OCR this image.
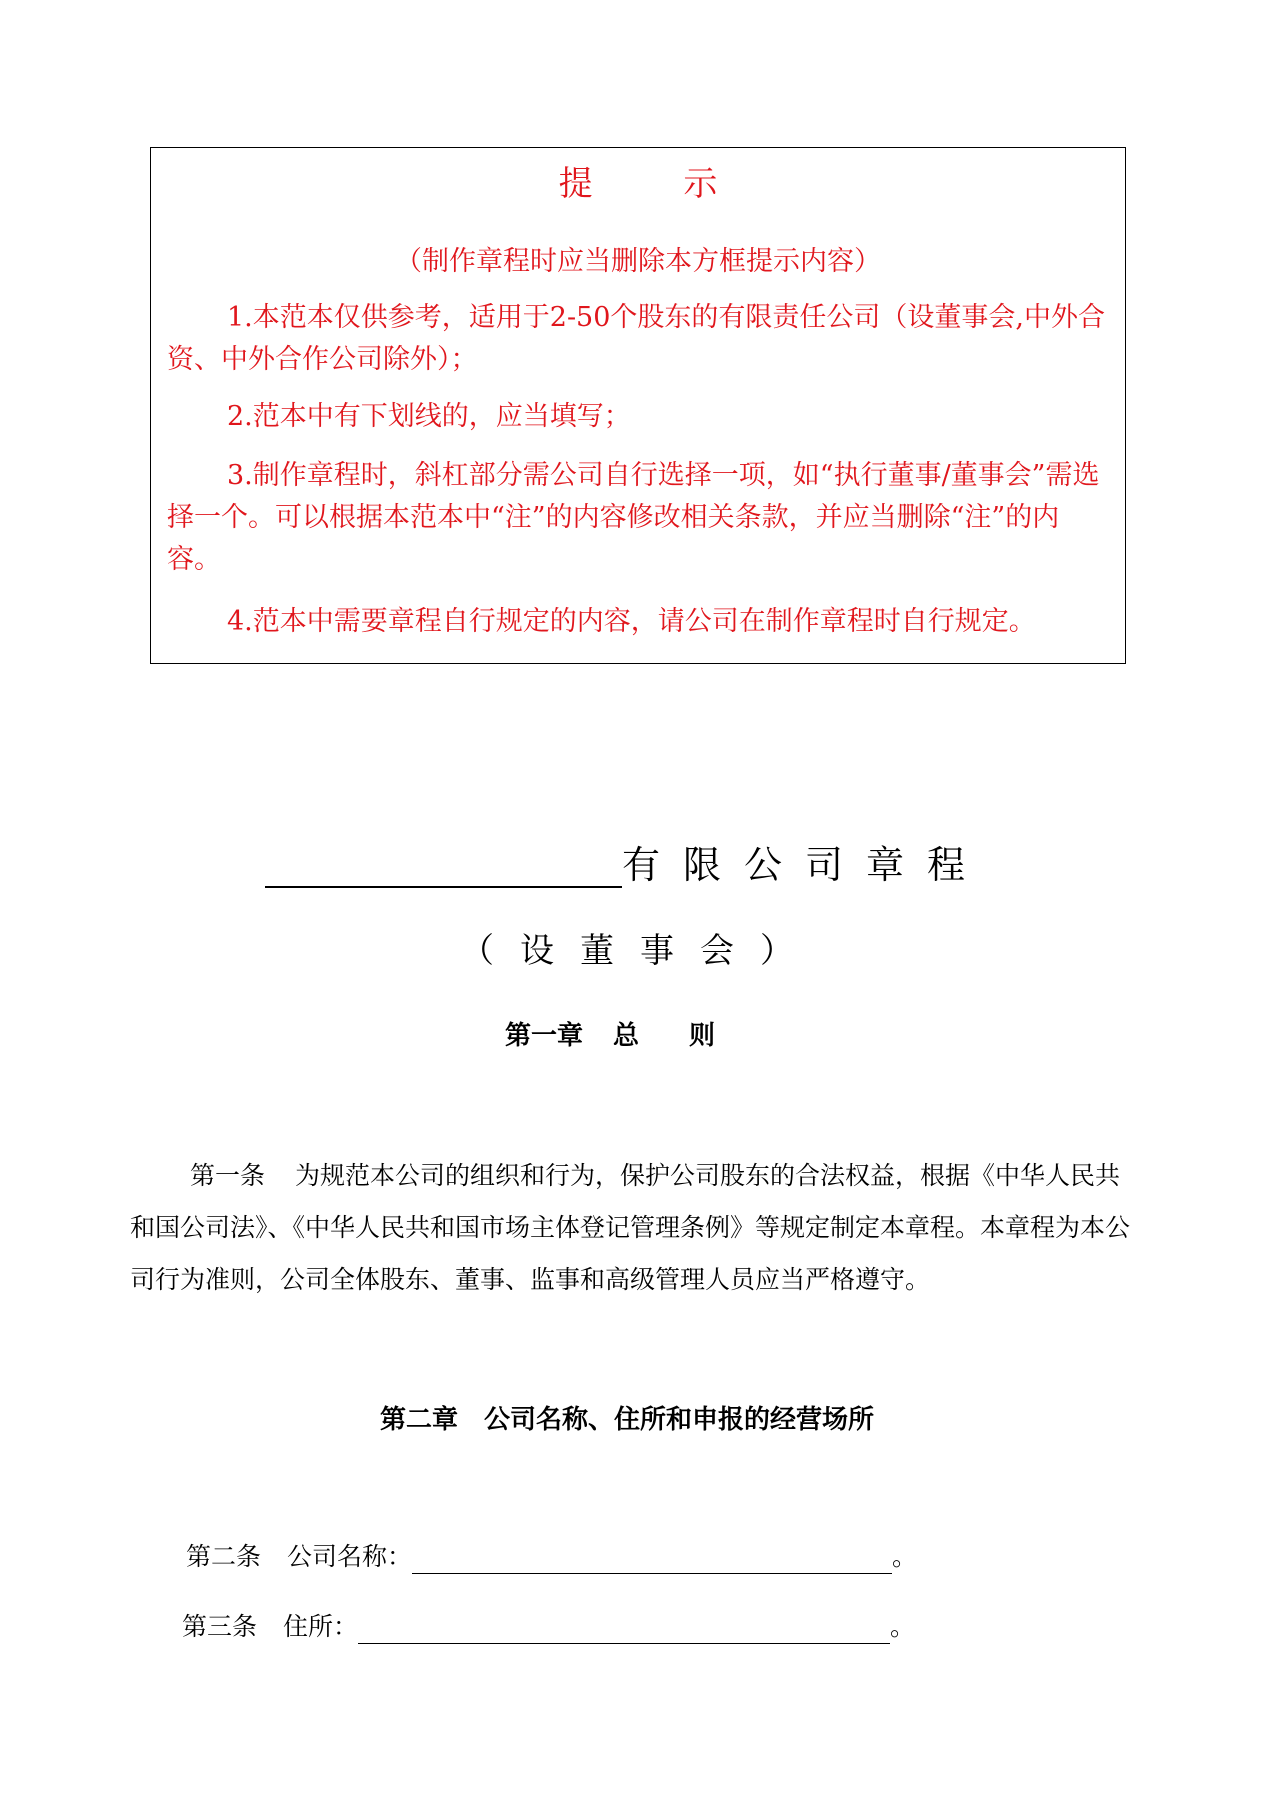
提 示
（制作章程时应当删除本方框提示内容）

1.本范本仅供参考，适用于2-50个股东的有限责任公司（设董事会,中外合资、中外合作公司除外）；

2.范本中有下划线的，应当填写；

3.制作章程时，斜杠部分需公司自行选择一项，如“执行董事/董事会”需选择一个。可以根据本范本中“注”的内容修改相关条款，并应当删除“注”的内容。

4.范本中需要章程自行规定的内容，请公司在制作章程时自行规定。

有限公司章程
（设董事会）
第一章 总 则

第一条 为规范本公司的组织和行为，保护公司股东的合法权益，根据《中华人民共和国公司法》、《中华人民共和国市场主体登记管理条例》等规定制定本章程。本章程为本公司行为准则，公司全体股东、董事、监事和高级管理人员应当严格遵守。

第二章 公司名称、住所和申报的经营场所
第二条 公司名称：	。
第三条 住所：	。
